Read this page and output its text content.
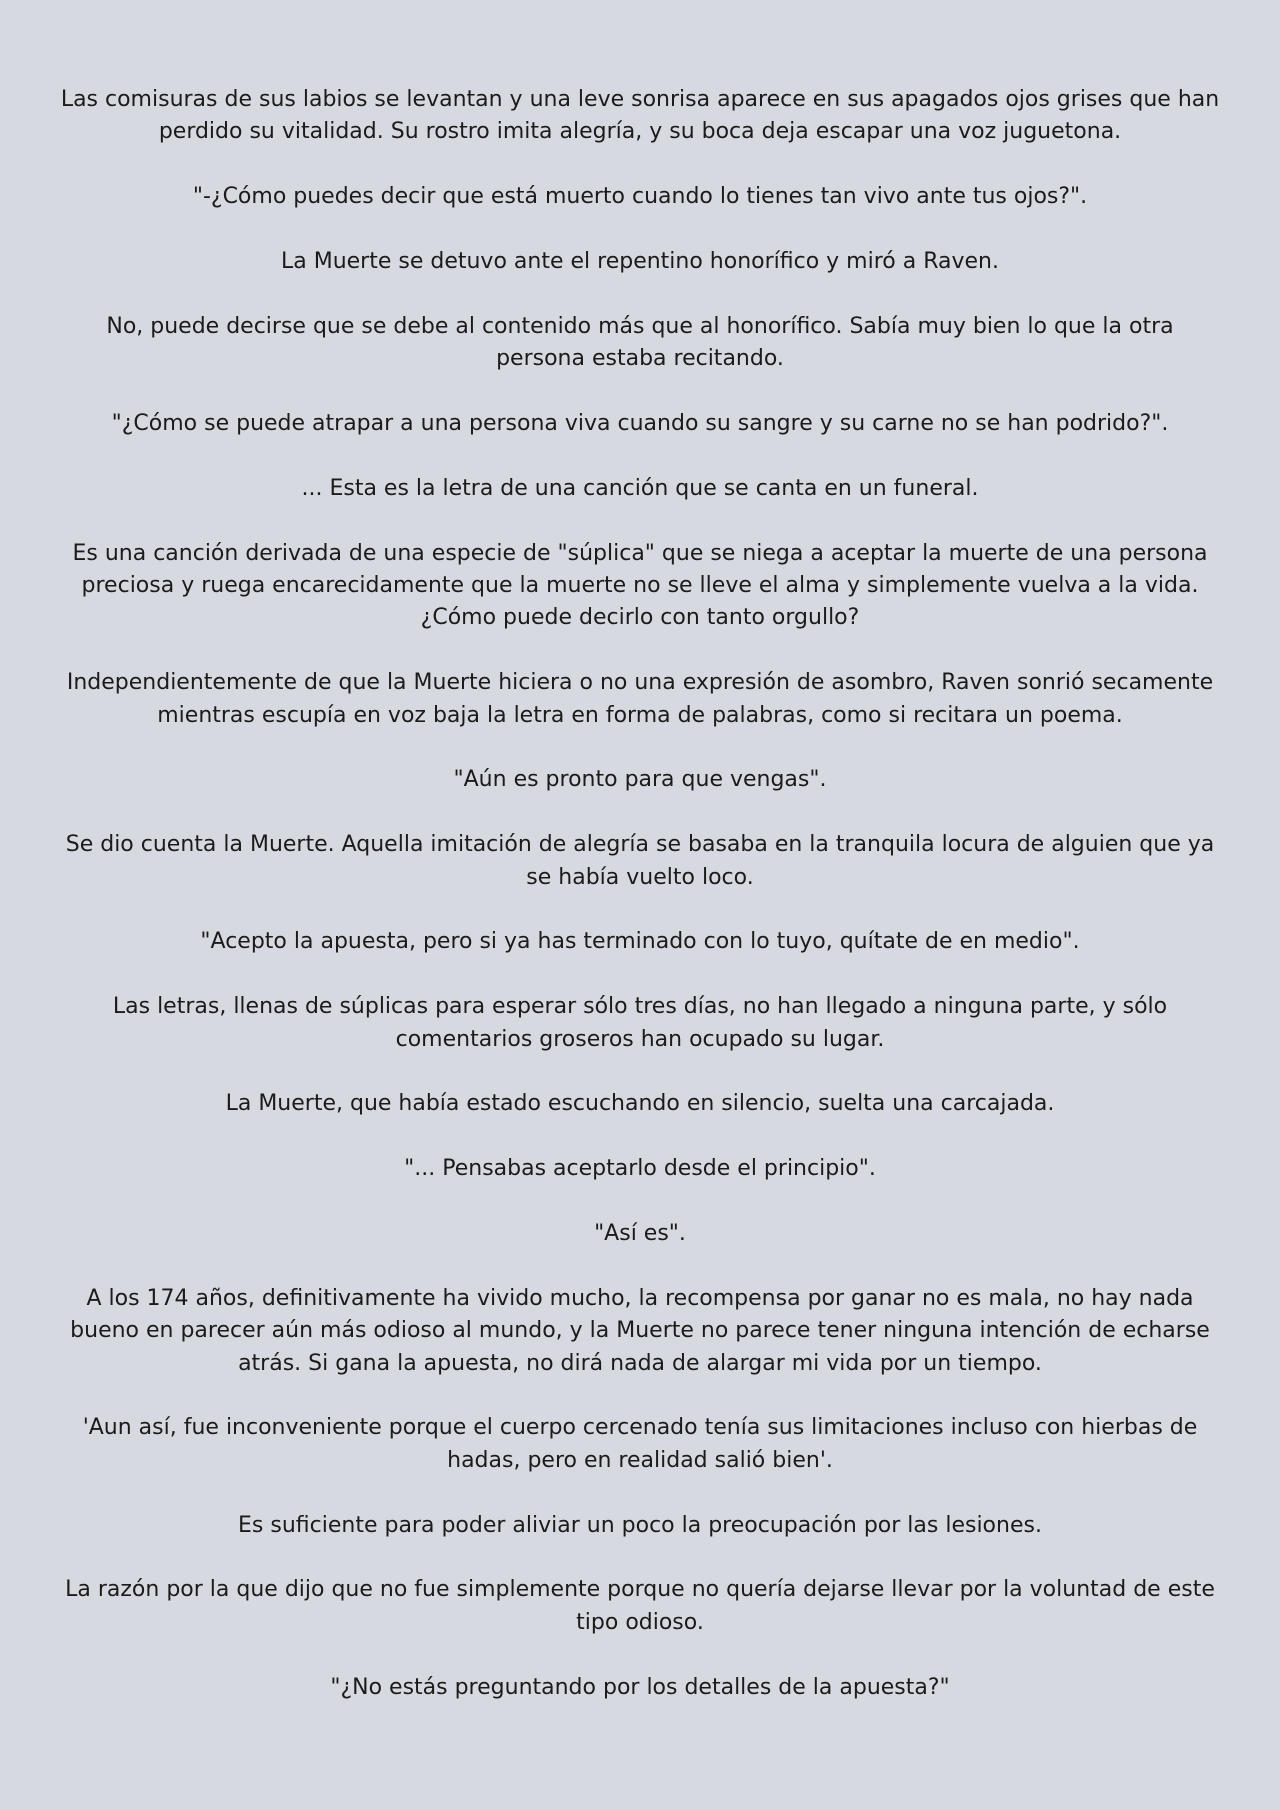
Las comisuras de sus labios se levantan y una leve sonrisa aparece en sus apagados ojos grises que han perdido su vitalidad. Su rostro imita alegría, y su boca deja escapar una voz juguetona.

"-¿Cómo puedes decir que está muerto cuando lo tienes tan vivo ante tus ojos?".

La Muerte se detuvo ante el repentino honorífico y miró a Raven.

No, puede decirse que se debe al contenido más que al honorífico. Sabía muy bien lo que la otra persona estaba recitando.

"¿Cómo se puede atrapar a una persona viva cuando su sangre y su carne no se han podrido?".

... Esta es la letra de una canción que se canta en un funeral.

Es una canción derivada de una especie de "súplica" que se niega a aceptar la muerte de una persona preciosa y ruega encarecidamente que la muerte no se lleve el alma y simplemente vuelva a la vida. ¿Cómo puede decirlo con tanto orgullo?

Independientemente de que la Muerte hiciera o no una expresión de asombro, Raven sonrió secamente mientras escupía en voz baja la letra en forma de palabras, como si recitara un poema.

"Aún es pronto para que vengas".

Se dio cuenta la Muerte. Aquella imitación de alegría se basaba en la tranquila locura de alguien que ya se había vuelto loco.

"Acepto la apuesta, pero si ya has terminado con lo tuyo, quítate de en medio".

Las letras, llenas de súplicas para esperar sólo tres días, no han llegado a ninguna parte, y sólo comentarios groseros han ocupado su lugar.

La Muerte, que había estado escuchando en silencio, suelta una carcajada.

"... Pensabas aceptarlo desde el principio".

"Así es".

A los 174 años, definitivamente ha vivido mucho, la recompensa por ganar no es mala, no hay nada bueno en parecer aún más odioso al mundo, y la Muerte no parece tener ninguna intención de echarse atrás. Si gana la apuesta, no dirá nada de alargar mi vida por un tiempo.

'Aun así, fue inconveniente porque el cuerpo cercenado tenía sus limitaciones incluso con hierbas de hadas, pero en realidad salió bien'.

Es suficiente para poder aliviar un poco la preocupación por las lesiones.

La razón por la que dijo que no fue simplemente porque no quería dejarse llevar por la voluntad de este tipo odioso.

"¿No estás preguntando por los detalles de la apuesta?"
